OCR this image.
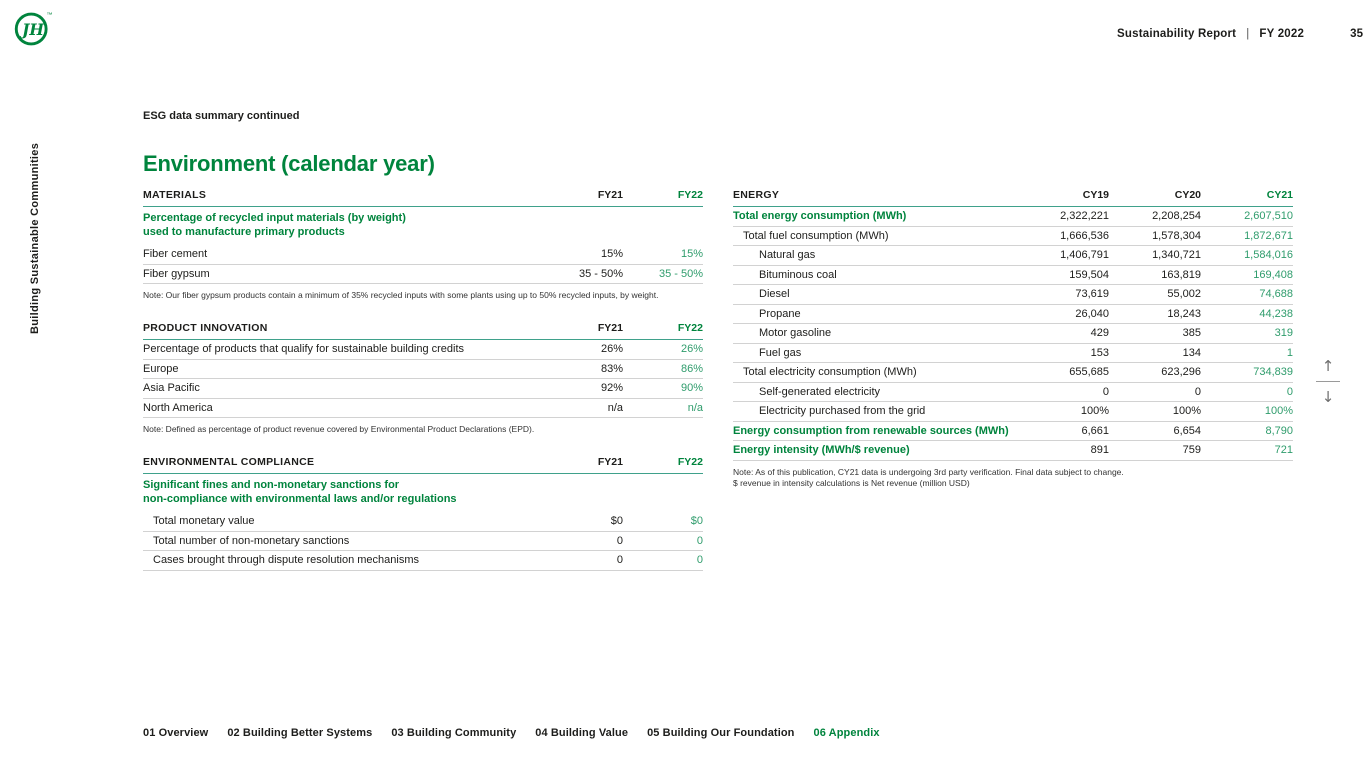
JH
™
Sustainability Report | FY 2022	35
Building Sustainable Communities
ESG data summary continued
Environment (calendar year)
MATERIALS	FY21	FY22
Percentage of recycled input materials (by weight)
used to manufacture primary products
Fiber cement	15%	15%
Fiber gypsum	35 - 50%	35 - 50%
Note: Our fiber gypsum products contain a minimum of 35% recycled inputs with some plants using up to 50% recycled inputs, by weight.
PRODUCT INNOVATION	FY21	FY22
Percentage of products that qualify for sustainable building credits	26%	26%
Europe	83%	86%
Asia Pacific	92%	90%
North America	n/a	n/a
Note: Defined as percentage of product revenue covered by Environmental Product Declarations (EPD).
ENVIRONMENTAL COMPLIANCE	FY21	FY22
Significant fines and non-monetary sanctions for
non-compliance with environmental laws and/or regulations
Total monetary value	$0	$0
Total number of non-monetary sanctions	0	0
Cases brought through dispute resolution mechanisms	0	0
ENERGY	CY19	CY20	CY21
Total energy consumption (MWh)	2,322,221	2,208,254	2,607,510
Total fuel consumption (MWh)	1,666,536	1,578,304	1,872,671
Natural gas	1,406,791	1,340,721	1,584,016
Bituminous coal	159,504	163,819	169,408
Diesel	73,619	55,002	74,688
Propane	26,040	18,243	44,238
Motor gasoline	429	385	319
Fuel gas	153	134	1
Total electricity consumption (MWh)	655,685	623,296	734,839
Self-generated electricity	0	0	0
Electricity purchased from the grid	100%	100%	100%
Energy consumption from renewable sources (MWh)	6,661	6,654	8,790
Energy intensity (MWh/$ revenue)	891	759	721
Note: As of this publication, CY21 data is undergoing 3rd party verification. Final data subject to change.
$ revenue in intensity calculations is Net revenue (million USD)
↑
↓
01 Overview 02 Building Better Systems 03 Building Community 04 Building Value 05 Building Our Foundation 06 Appendix
